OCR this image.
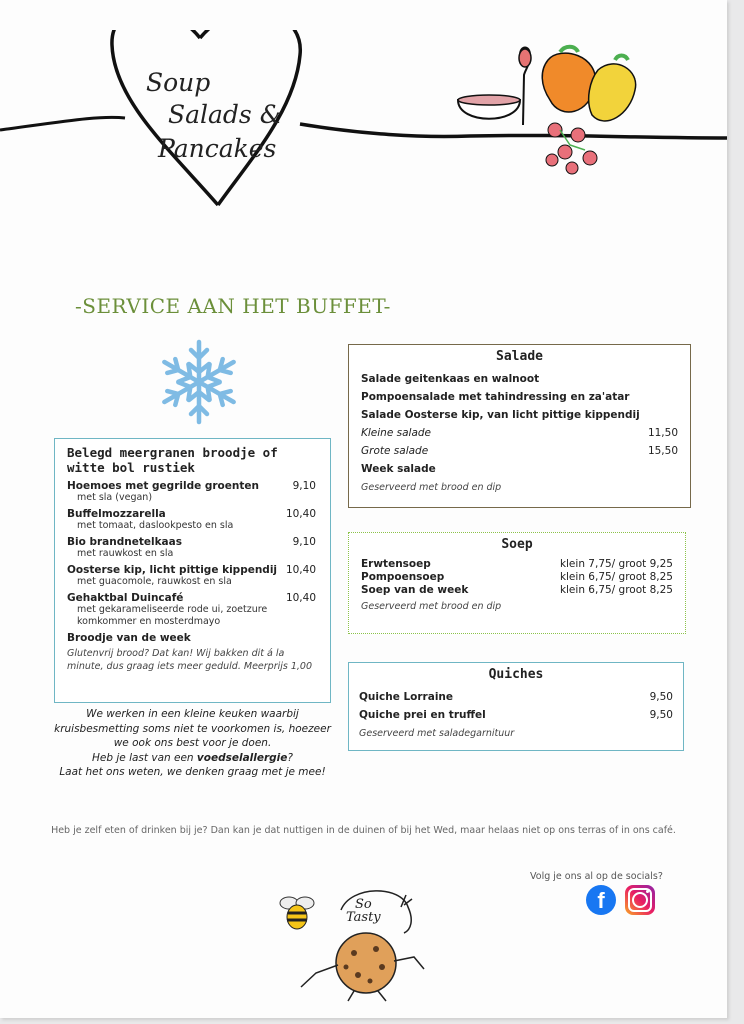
Soup
Salads &
Pancakes
-SERVICE AAN HET BUFFET-
Belegd meergranen broodje of witte bol rustiek
Hoemoes met gegrilde groenten	9,10
met sla (vegan)
Buffelmozzarella	10,40
met tomaat, daslookpesto en sla
Bio brandnetelkaas	9,10
met rauwkost en sla
Oosterse kip, licht pittige kippendij 10,40
met guacomole, rauwkost en sla
Gehaktbal Duincafé	10,40
met gekarameliseerde rode ui, zoetzure komkommer en mosterdmayo
Broodje van de week
Glutenvrij brood? Dat kan! Wij bakken dit á la minute, dus graag iets meer geduld. Meerprijs 1,00
Salade
Salade geitenkaas en walnoot
Pompoensalade met tahindressing en za'atar
Salade Oosterse kip, van licht pittige kippendij
Kleine salade	11,50
Grote salade	15,50
Week salade
Geserveerd met brood en dip
Soep
Erwtensoep	klein 7,75/ groot 9,25
Pompoensoep	klein 6,75/ groot 8,25
Soep van de week	klein 6,75/ groot 8,25
Geserveerd met brood en dip
Quiches
Quiche Lorraine	9,50
Quiche prei en truffel	9,50
Geserveerd met saladegarnituur
We werken in een kleine keuken waarbij
kruisbesmetting soms niet te voorkomen is, hoezeer
we ook ons best voor je doen.
Heb je last van een voedselallergie?
Laat het ons weten, we denken graag met je mee!
Heb je zelf eten of drinken bij je? Dan kan je dat nuttigen in de duinen of bij het Wed, maar helaas niet op ons terras of in ons café.
Volg je ons al op de socials?
f
So
Tasty
